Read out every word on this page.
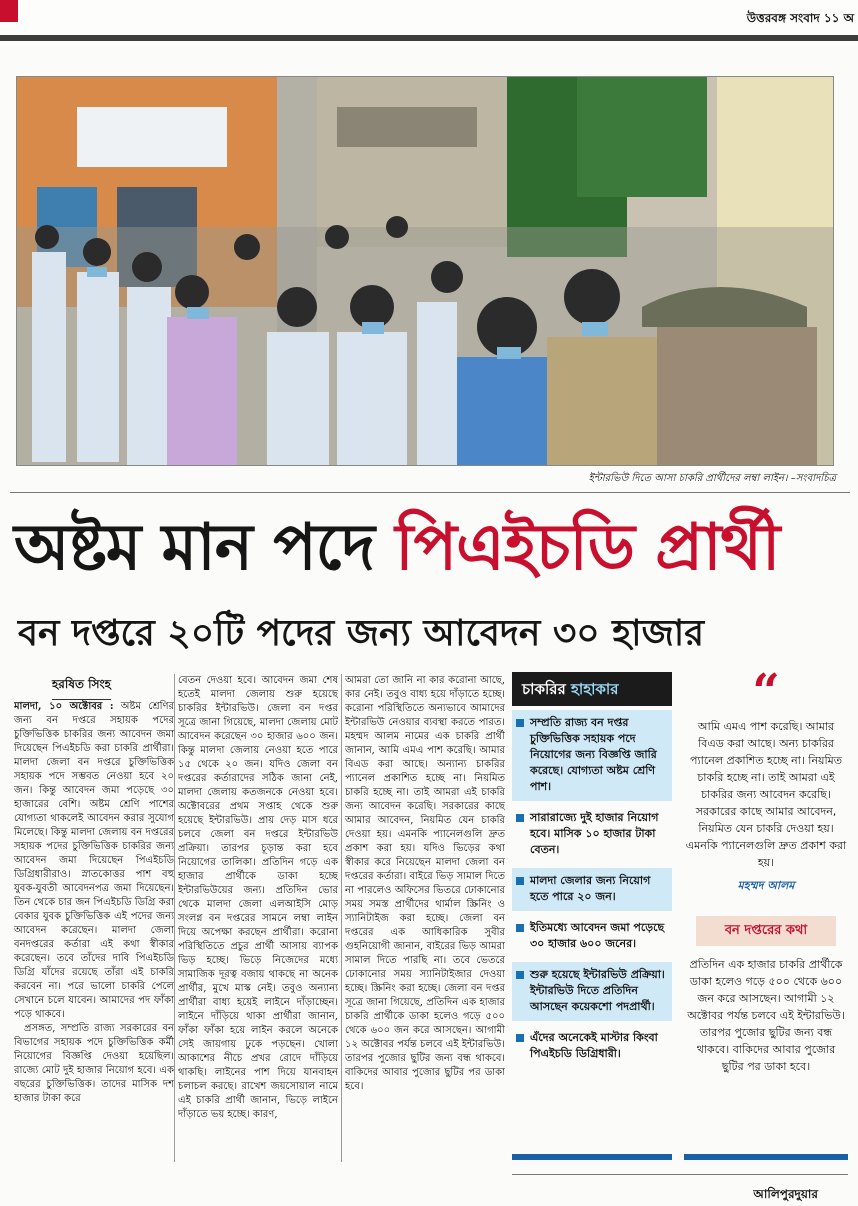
উত্তরবঙ্গ সংবাদ ১১ অ
ইন্টারভিউ দিতে আসা চাকরি প্রার্থীদের লম্বা লাইন। –সংবাদচিত্র
অষ্টম মান পদে পিএইচডি প্রার্থী
বন দপ্তরে ২০টি পদের জন্য আবেদন ৩০ হাজার
হরষিত সিংহ

মালদা, ১০ অক্টোবর : অষ্টম শ্রেণির জন্য বন দপ্তরে সহায়ক পদের চুক্তিভিত্তিক চাকরির জন্য আবেদন জমা দিয়েছেন পিএইচডি করা চাকরি প্রার্থীরা। মালদা জেলা বন দপ্তরে চুক্তিভিত্তিক সহায়ক পদে সম্ভবত নেওয়া হবে ২০ জন। কিন্তু আবেদন জমা পড়েছে ৩০ হাজারের বেশি। অষ্টম শ্রেণি পাশের যোগ্যতা থাকলেই আবেদন করার সুযোগ মিলেছে। কিন্তু মালদা জেলায় বন দপ্তরের সহায়ক পদের চুক্তিভিত্তিক চাকরির জন্য আবেদন জমা দিয়েছেন পিএইচডি ডিগ্রিধারীরাও। স্নাতকোত্তর পাশ বহু যুবক-যুবতী আবেদনপত্র জমা দিয়েছেন। তিন থেকে চার জন পিএইচডি ডিগ্রি করা বেকার যুবক চুক্তিভিত্তিক এই পদের জন্য আবেদন করেছেন। মালদা জেলা বনদপ্তরের কর্তারা এই কথা স্বীকার করেছেন। তবে তাঁদের দাবি পিএইচডি ডিগ্রি যাঁদের রয়েছে তাঁরা এই চাকরি করবেন না। পরে ভালো চাকরি পেলে সেখানে চলে যাবেন। আমাদের পদ ফাঁকা পড়ে থাকবে।

প্রসঙ্গত, সম্প্রতি রাজ্য সরকারের বন বিভাগের সহায়ক পদে চুক্তিভিত্তিক কর্মী নিয়োগের বিজ্ঞপ্তি দেওয়া হয়েছিল। রাজ্যে মোট দুই হাজার নিয়োগ হবে। এক বছরের চুক্তিভিত্তিক। তাদের মাসিক দশ হাজার টাকা করে

বেতন দেওয়া হবে। আবেদন জমা শেষ হতেই মালদা জেলায় শুরু হয়েছে চাকরির ইন্টারভিউ। জেলা বন দপ্তর সূত্রে জানা গিয়েছে, মালদা জেলায় মোট আবেদন করেছেন ৩০ হাজার ৬০০ জন। কিন্তু মালদা জেলায় নেওয়া হতে পারে ১৫ থেকে ২০ জন। যদিও জেলা বন দপ্তরের কর্তারাদের সঠিক জানা নেই, মালদা জেলায় কতজনকে নেওয়া হবে। অক্টোবরের প্রথম সপ্তাহ থেকে শুরু হয়েছে ইন্টারভিউ। প্রায় দেড় মাস ধরে চলবে জেলা বন দপ্তরে ইন্টারভিউ প্রক্রিয়া। তারপর চূড়ান্ত করা হবে নিয়োগের তালিকা। প্রতিদিন গড়ে এক হাজার প্রার্থীকে ডাকা হচ্ছে ইন্টারভিউয়ের জন্য। প্রতিদিন ভোর থেকে মালদা জেলা এলআইসি মোড় সংলগ্ন বন দপ্তরের সামনে লম্বা লাইন দিয়ে অপেক্ষা করছেন প্রার্থীরা। করোনা পরিস্থিতিতে প্রচুর প্রার্থী আসায় ব্যাপক ভিড় হচ্ছে। ভিড়ে নিজেদের মধ্যে সামাজিক দূরত্ব বজায় থাকছে না অনেক প্রার্থীর, মুখে মাস্ক নেই। তবুও অন্যান্য প্রার্থীরা বাধ্য হয়েই লাইনে দাঁড়াচ্ছেন। লাইনে দাঁড়িয়ে থাকা প্রার্থীরা জানান, ফাঁকা ফাঁকা হয়ে লাইন করলে অনেকে সেই জায়গায় ঢুকে পড়ছেন। খোলা আকাশের নীচে প্রখর রোদে দাঁড়িয়ে থাকছি। লাইনের পাশ দিয়ে যানবাহন চলাচল করছে। রাখেশ জয়সোয়াল নামে এই চাকরি প্রার্থী জানান, ভিড়ে লাইনে দাঁড়াতে ভয় হচ্ছে। কারণ,

আমরা তো জানি না কার করোনা আছে, কার নেই। তবুও বাধ্য হয়ে দাঁড়াতে হচ্ছে। করোনা পরিস্থিতিতে অন্যভাবে আমাদের ইন্টারভিউ নেওয়ার ব্যবস্থা করতে পারত। মহম্মদ আলম নামের এক চাকরি প্রার্থী জানান, আমি এমএ পাশ করেছি। আমার বিএড করা আছে। অন্যান্য চাকরির প্যানেল প্রকাশিত হচ্ছে না। নিয়মিত চাকরি হচ্ছে না। তাই আমরা এই চাকরি জন্য আবেদন করেছি। সরকারের কাছে আমার আবেদন, নিয়মিত যেন চাকরি দেওয়া হয়। এমনকি প্যানেলগুলি দ্রুত প্রকাশ করা হয়। যদিও ভিড়ের কথা স্বীকার করে নিয়েছেন মালদা জেলা বন দপ্তরের কর্তারা। বাইরে ভিড় সামাল দিতে না পারলেও অফিসের ভিতরে ঢোকানোর সময় সমস্ত প্রার্থীদের থার্মাল স্ক্রিনিং ও স্যানিটাইজ করা হচ্ছে। জেলা বন দপ্তরের এক আধিকারিক সুবীর গুহনিয়োগী জানান, বাইরের ভিড় আমরা সামাল দিতে পারছি না। তবে ভেতরে ঢোকানোর সময় স্যানিটাইজার দেওয়া হচ্ছে। স্ক্রিনিং করা হচ্ছে। জেলা বন দপ্তর সূত্রে জানা গিয়েছে, প্রতিদিন এক হাজার চাকরি প্রার্থীকে ডাকা হলেও গড়ে ৫০০ থেকে ৬০০ জন করে আসছেন। আগামী ১২ অক্টোবর পর্যন্ত চলবে এই ইন্টারভিউ। তারপর পুজোর ছুটির জন্য বন্ধ থাকবে। বাকিদের আবার পুজোর ছুটির পর ডাকা হবে।

চাকরির হাহাকার
সম্প্রতি রাজ্য বন দপ্তর চুক্তিভিত্তিক সহায়ক পদে নিয়োগের জন্য বিজ্ঞপ্তি জারি করেছে। যোগ্যতা অষ্টম শ্রেণি পাশ।
সারারাজ্যে দুই হাজার নিয়োগ হবে। মাসিক ১০ হাজার টাকা বেতন।
মালদা জেলার জন্য নিয়োগ হতে পারে ২০ জন।
ইতিমধ্যে আবেদন জমা পড়েছে ৩০ হাজার ৬০০ জনের।
শুরু হয়েছে ইন্টারভিউ প্রক্রিয়া। ইন্টারভিউ দিতে প্রতিদিন আসছেন কয়েকশো পদপ্রার্থী।
এঁদের অনেকেই মাস্টার কিংবা পিএইচডি ডিগ্রিধারী।
“
আমি এমএ পাশ করেছি। আমার বিএড করা আছে। অন্য চাকরির প্যানেল প্রকাশিত হচ্ছে না। নিয়মিত চাকরি হচ্ছে না। তাই আমরা এই চাকরির জন্য আবেদন করেছি। সরকারের কাছে আমার আবেদন, নিয়মিত যেন চাকরি দেওয়া হয়। এমনকি প্যানেলগুলি দ্রুত প্রকাশ করা হয়।
মহম্মদ আলম
বন দপ্তরের কথা
প্রতিদিন এক হাজার চাকরি প্রার্থীকে ডাকা হলেও গড়ে ৫০০ থেকে ৬০০ জন করে আসছেন। আগামী ১২ অক্টোবর পর্যন্ত চলবে এই ইন্টারভিউ। তারপর পুজোর ছুটির জন্য বন্ধ থাকবে। বাকিদের আবার পুজোর ছুটির পর ডাকা হবে।
আলিপুরদুয়ার
